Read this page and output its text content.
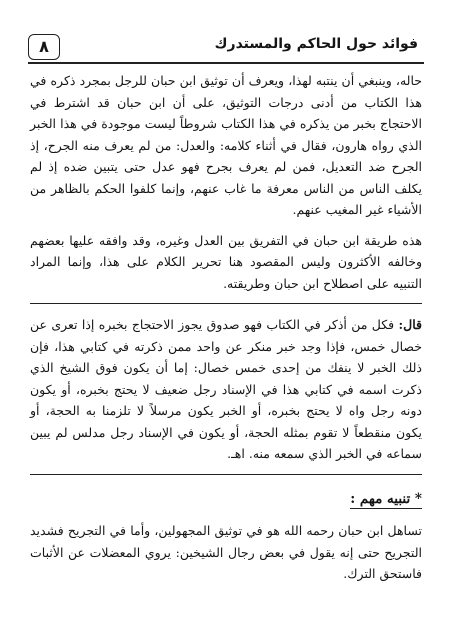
٨	فوائد حول الحاكم والمستدرك

حاله، وينبغي أن ينتبه لهذا، ويعرف أن توثيق ابن حبان للرجل بمجرد ذكره في هذا الكتاب من أدنى درجات التوثيق، على أن ابن حبان قد اشترط في الاحتجاج بخبر من يذكره في هذا الكتاب شروطاً ليست موجودة في هذا الخبر الذي رواه هارون، فقال في أثناء كلامه: والعدل: من لم يعرف منه الجرح، إذ الجرح ضد التعديل، فمن لم يعرف بجرح فهو عدل حتى يتبين ضده إذ لم يكلف الناس من الناس معرفة ما غاب عنهم، وإنما كلفوا الحكم بالظاهر من الأشياء غير المغيب عنهم.

هذه طريقة ابن حبان في التفريق بين العدل وغيره، وقد وافقه عليها بعضهم وخالفه الأكثرون وليس المقصود هنا تحرير الكلام على هذا، وإنما المراد التنبيه على اصطلاح ابن حبان وطريقته.

قال: فكل من أذكر في الكتاب فهو صدوق يجوز الاحتجاج بخبره إذا تعرى عن خصال خمس، فإذا وجد خبر منكر عن واحد ممن ذكرته في كتابي هذا، فإن ذلك الخبر لا ينفك من إحدى خمس خصال: إما أن يكون فوق الشيخ الذي ذكرت اسمه في كتابي هذا في الإسناد رجل ضعيف لا يحتج بخبره، أو يكون دونه رجل واه لا يحتج بخبره، أو الخبر يكون مرسلاً لا تلزمنا به الحجة، أو يكون منقطعاً لا تقوم بمثله الحجة، أو يكون في الإسناد رجل مدلس لم يبين سماعه في الخبر الذي سمعه منه. اهـ.

* تنبيه مهم :

تساهل ابن حبان رحمه الله هو في توثيق المجهولين، وأما في التجريح فشديد التجريح حتى إنه يقول في بعض رجال الشيخين: يروي المعضلات عن الأثبات فاستحق الترك.
